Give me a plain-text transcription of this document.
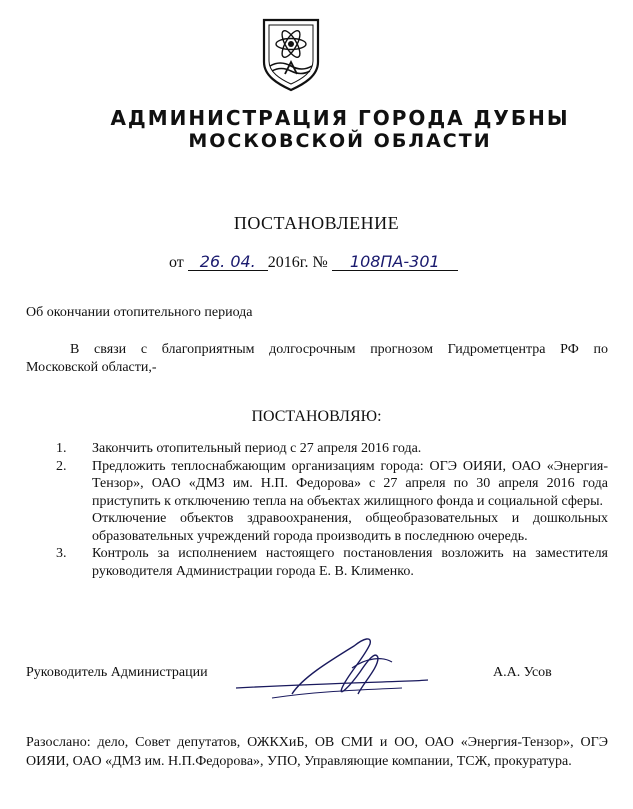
АДМИНИСТРАЦИЯ ГОРОДА ДУБНЫ
МОСКОВСКОЙ ОБЛАСТИ
ПОСТАНОВЛЕНИЕ
от 26. 04. 2016г. № 108ПА-301
Об окончании отопительного периода
В связи с благоприятным долгосрочным прогнозом Гидрометцентра РФ по
Московской области,-
ПОСТАНОВЛЯЮ:
1.	Закончить отопительный период с 27 апреля 2016 года.

2.	Предложить теплоснабжающим организациям города: ОГЭ ОИЯИ, ОАО «Энергия-Тензор», ОАО «ДМЗ им. Н.П. Федорова» с 27 апреля по 30 апреля 2016 года приступить к отключению тепла на объектах жилищного фонда и социальной сферы.

Отключение объектов здравоохранения, общеобразовательных и дошкольных образовательных учреждений города производить в последнюю очередь.

3.	Контроль за исполнением настоящего постановления возложить на заместителя руководителя Администрации города Е. В. Клименко.

Руководитель Администрации	А.А. Усов
Разослано: дело, Совет депутатов, ОЖКХиБ, ОВ СМИ и ОО, ОАО «Энергия-Тензор», ОГЭ ОИЯИ, ОАО «ДМЗ им. Н.П.Федорова», УПО, Управляющие компании, ТСЖ, прокуратура.
